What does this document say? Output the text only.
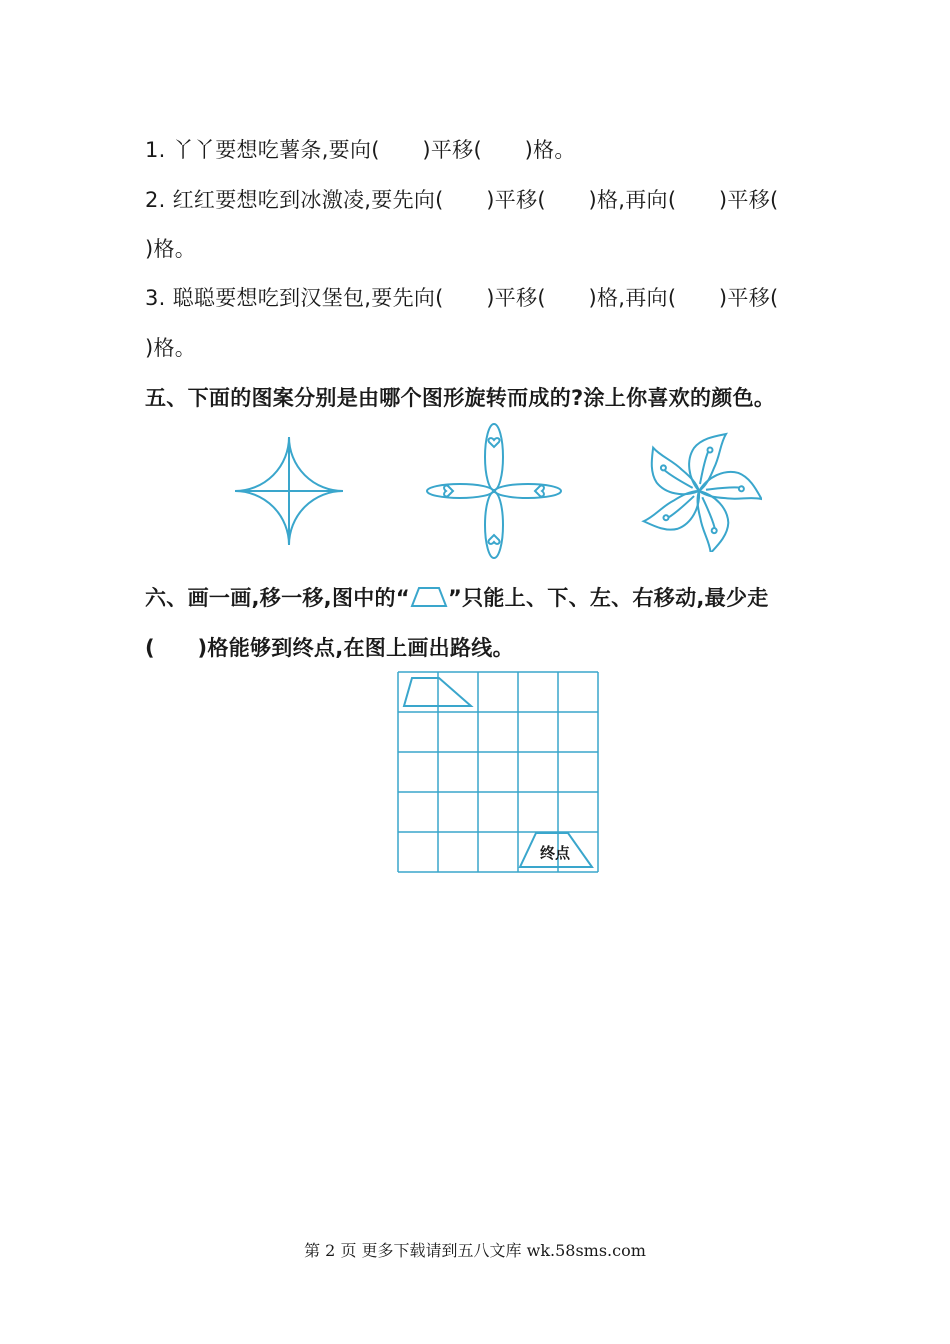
1. 丫丫要想吃薯条,要向(　　)平移(　　)格。
2. 红红要想吃到冰激凌,要先向(　　)平移(　　)格,再向(　　)平移(
)格。
3. 聪聪要想吃到汉堡包,要先向(　　)平移(　　)格,再向(　　)平移(
)格。
五、下面的图案分别是由哪个图形旋转而成的?涂上你喜欢的颜色。
六、画一画,移一移,图中的“ ”只能上、下、左、右移动,最少走
(　　)格能够到终点,在图上画出路线。
终点
第 2 页 更多下载请到五八文库 wk.58sms.com
